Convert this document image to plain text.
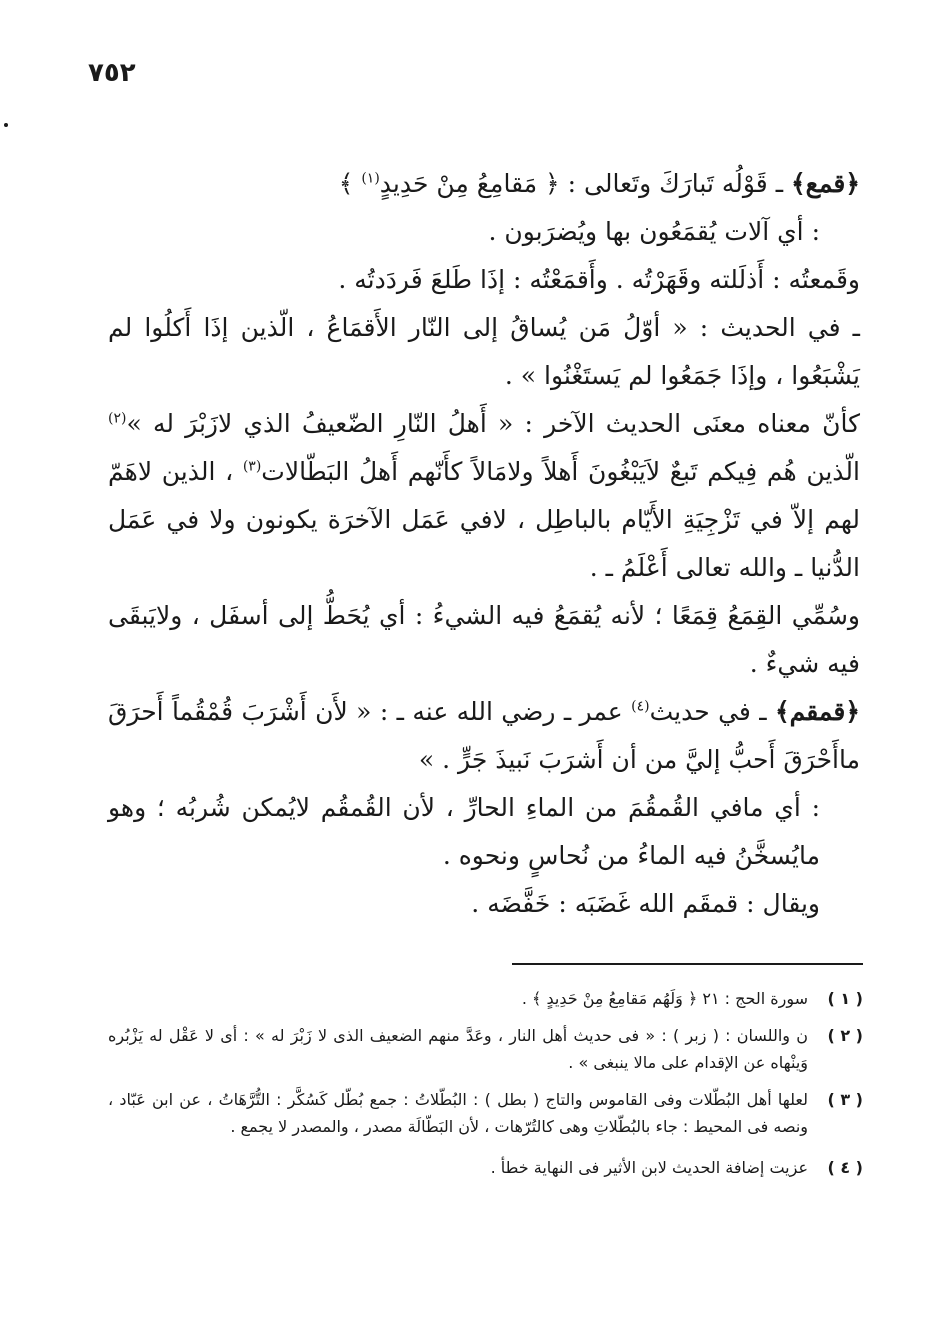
٧٥٢

﴿قمع﴾ ـ قَوْلُه تَبارَكَ وتَعالى : ﴿ مَقامِعُ مِنْ حَدِيدٍ$^{(١)}$ ﴾

: أي آلات يُقمَعُون بها ويُضرَبون .

وقَمعتُه : أَذلَلته وقَهَرْتُه . وأَقمَعْتُه : إذَا طَلعَ فَردَدتُه .

ـ في الحديث : « أوّلُ مَن يُساقُ إلى النّار الأَقمَاعُ ، الّذين إذَا أَكلُوا لم يَشْبَعُوا ، وإذَا جَمَعُوا لم يَستَغْنُوا » .

كأنّ معناه معنَى الحديث الآخر : « أَهلُ النّارِ الضّعيفُ الذي لازَبْرَ له »$^{(٢)}$ الّذين هُم فِيكم تَبعٌ لاَيَبْغُونَ أَهلاً ولامَالاً كأَنّهم أَهلُ البَطّالات$^{(٣)}$ ، الذين لاهَمّ لهم إلاّ في تَزْجِيَةِ الأَيّام بالباطِل ، لافي عَمَل الآخرَة يكونون ولا في عَمَل الدُّنيا ـ والله تعالى أَعْلَمُ ـ .

وسُمِّي القِمَعُ قِمَعًا ؛ لأنه يُقمَعُ فيه الشيءُ : أي يُحَطُّ إلى أسفَل ، ولايَبقَى فيه شيءٌ .

﴿قمقم﴾ ـ في حديث$^{(٤)}$ عمر ـ رضي الله عنه ـ : « لأَن أَشْرَبَ قُمْقُماً أَحرَقَ ماأَحْرَقَ أَحبُّ إليَّ من أن أَشرَبَ نَبيذَ جَرٍّ . »

: أي مافي القُمقُمَ من الماءِ الحارِّ ، لأن القُمقُم لايُمكن شُربُه ؛ وهو مايُسخَّنُ فيه الماءُ من نُحاسٍ ونحوه .

ويقال : قمقَم الله غَضَبَه : خَفَّضَه .

( ١ )
سورة الحج : ٢١ ﴿ وَلَهُم مَقامِعُ مِنْ حَدِيدٍ ﴾ .

( ٢ )
ن واللسان : ( زبر ) : « فى حديث أهل النار ، وعَدَّ منهم الضعيف الذى لا زَبْرَ له » : أى لا عَقْل له يَزْبُره وَينْهاه عن الإقدام على مالا ينبغى » .

( ٣ )
لعلها أهل البُطّلات وفى القاموس والتاج ( بطل ) : البُطّلاتُ : جمع بُطّل كَسُكَّر : التُّرَّهَاتُ ، عن ابن عَبّاد ، ونصه فى المحيط : جاء بالبُطّلاتِ وهى كالتُرّهات ، لأن البَطّالَة مصدر ، والمصدر لا يجمع .

( ٤ )
عزيت إضافة الحديث لابن الأثير فى النهاية خطأ .
